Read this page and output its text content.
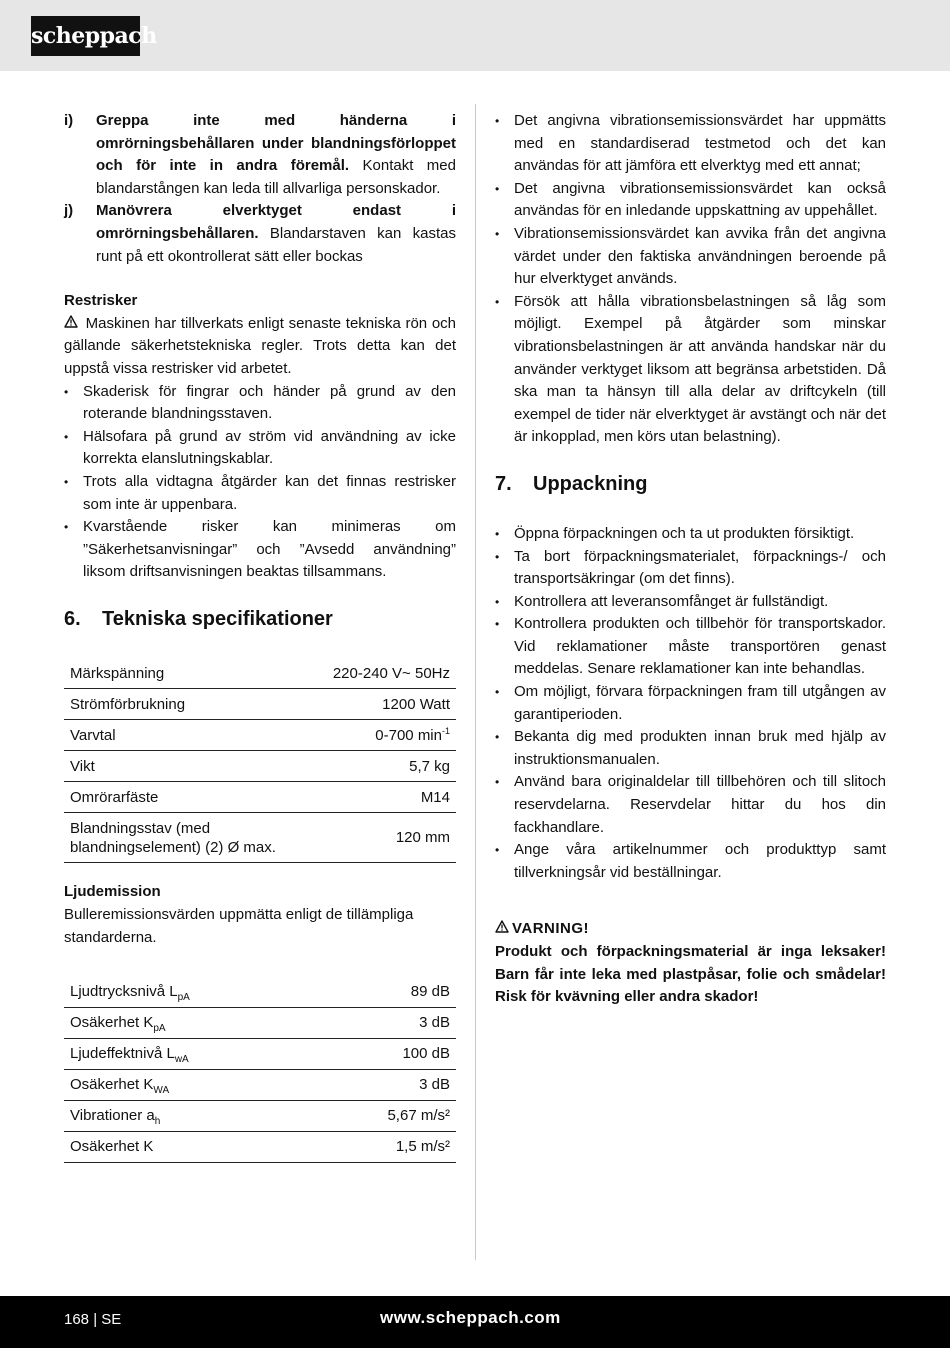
scheppach
i)	Greppa inte med händerna i omrörningsbehållaren under blandningsförloppet och för inte in andra föremål. Kontakt med blandarstången kan leda till allvarliga personskador.
j)	Manövrera elverktyget endast i omrörningsbehållaren. Blandarstaven kan kastas runt på ett okontrollerat sätt eller bockas
Restrisker
Maskinen har tillverkats enligt senaste tekniska rön och gällande säkerhetstekniska regler. Trots detta kan det uppstå vissa restrisker vid arbetet.
• Skaderisk för fingrar och händer på grund av den roterande blandningsstaven.
• Hälsofara på grund av ström vid användning av icke korrekta elanslutningskablar.
• Trots alla vidtagna åtgärder kan det finnas restrisker som inte är uppenbara.
• Kvarstående risker kan minimeras om ”Säkerhetsanvisningar” och ”Avsedd användning” liksom driftsanvisningen beaktas tillsammans.
6.	Tekniska specifikationer
Märkspänning	220-240 V~ 50Hz
Strömförbrukning	1200 Watt
Varvtal	0-700 $\min^{-1}$
Vikt	5,7 kg
Omrörarfäste	M14
Blandningsstav (med blandningselement) (2) Ø max.	120 mm
Ljudemission
Bulleremissionsvärden uppmätta enligt de tillämpliga standarderna.
Ljudtrycksnivå $L_{pA}$	89 dB
Osäkerhet $K_{pA}$	3 dB
Ljudeffektnivå $L_{wA}$	100 dB
Osäkerhet $K_{WA}$	3 dB
Vibrationer $a_h$	5,67 m/s²
Osäkerhet K	1,5 m/s²
• Det angivna vibrationsemissionsvärdet har uppmätts med en standardiserad testmetod och det kan användas för att jämföra ett elverktyg med ett annat;
• Det angivna vibrationsemissionsvärdet kan också användas för en inledande uppskattning av uppehållet.
• Vibrationsemissionsvärdet kan avvika från det angivna värdet under den faktiska användningen beroende på hur elverktyget används.
• Försök att hålla vibrationsbelastningen så låg som möjligt. Exempel på åtgärder som minskar vibrationsbelastningen är att använda handskar när du använder verktyget liksom att begränsa arbetstiden. Då ska man ta hänsyn till alla delar av driftcykeln (till exempel de tider när elverktyget är avstängt och när det är inkopplad, men körs utan belastning).
7.	Uppackning
• Öppna förpackningen och ta ut produkten försiktigt.
• Ta bort förpackningsmaterialet, förpacknings-/ och transportsäkringar (om det finns).
• Kontrollera att leveransomfånget är fullständigt.
• Kontrollera produkten och tillbehör för transportskador. Vid reklamationer måste transportören genast meddelas. Senare reklamationer kan inte behandlas.
• Om möjligt, förvara förpackningen fram till utgången av garantiperioden.
• Bekanta dig med produkten innan bruk med hjälp av instruktionsmanualen.
• Använd bara originaldelar till tillbehören och till slitoch reservdelarna. Reservdelar hittar du hos din fackhandlare.
• Ange våra artikelnummer och produkttyp samt tillverkningsår vid beställningar.
VARNING!
Produkt och förpackningsmaterial är inga leksaker! Barn får inte leka med plastpåsar, folie och smådelar! Risk för kvävning eller andra skador!
168 | SE	www.scheppach.com
